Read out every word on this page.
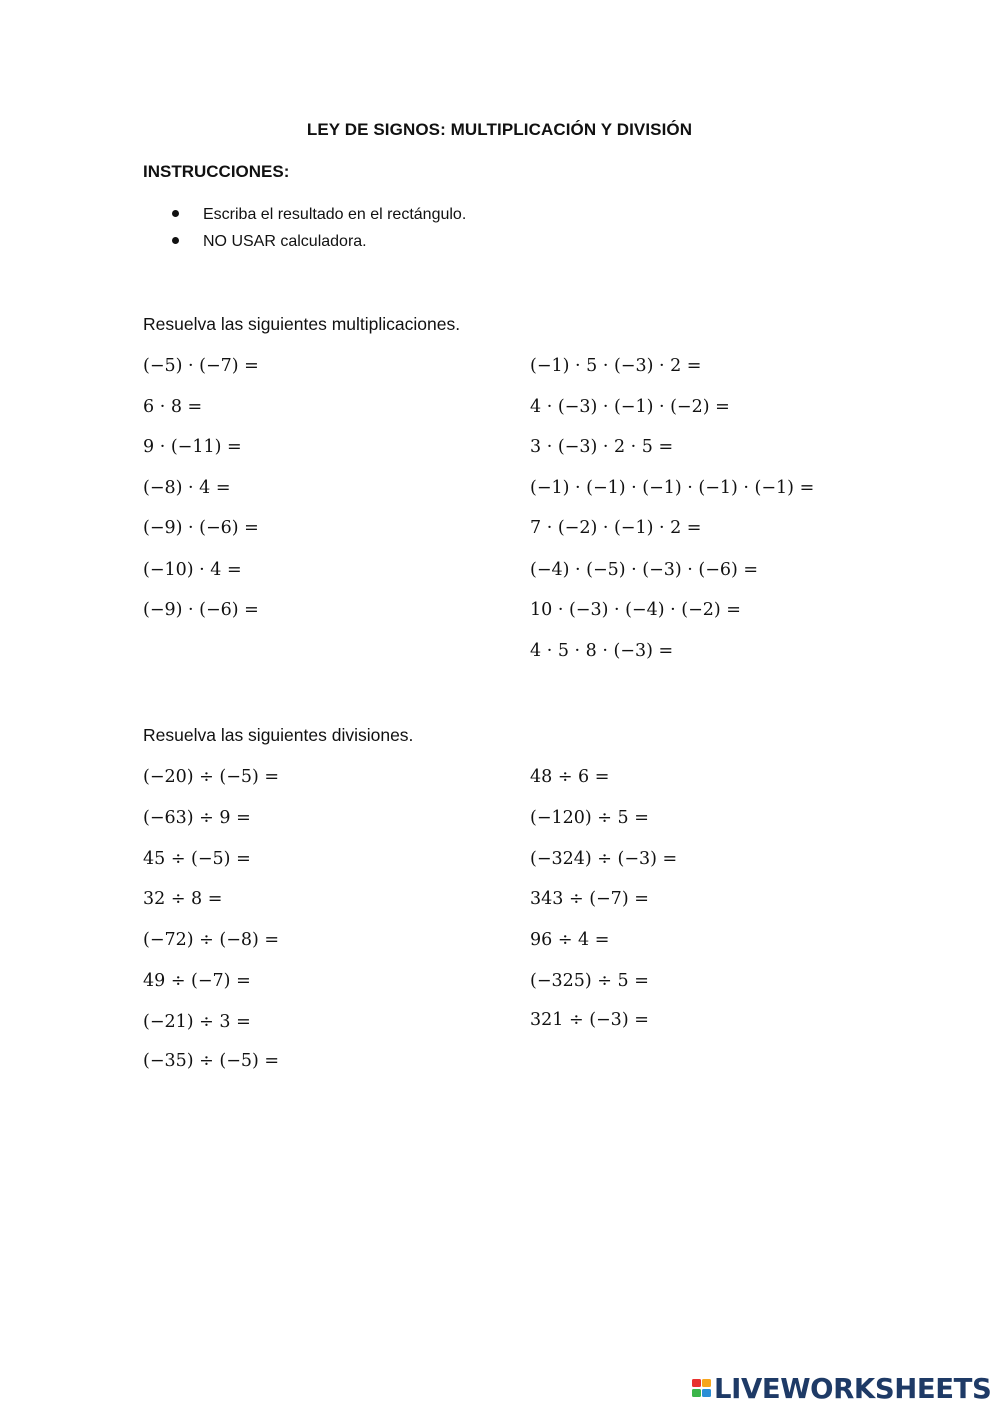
LEY DE SIGNOS: MULTIPLICACIÓN Y DIVISIÓN
INSTRUCCIONES:
Escriba el resultado en el rectángulo.
NO USAR calculadora.
Resuelva las siguientes multiplicaciones.
(−5) · (−7) =
6 · 8 =
9 · (−11) =
(−8) · 4 =
(−9) · (−6) =
(−10) · 4 =
(−9) · (−6) =
(−1) · 5 · (−3) · 2 =
4 · (−3) · (−1) · (−2) =
3 · (−3) · 2 · 5 =
(−1) · (−1) · (−1) · (−1) · (−1) =
7 · (−2) · (−1) · 2 =
(−4) · (−5) · (−3) · (−6) =
10 · (−3) · (−4) · (−2) =
4 · 5 · 8 · (−3) =
Resuelva las siguientes divisiones.
(−20) ÷ (−5) =
(−63) ÷ 9 =
45 ÷ (−5) =
32 ÷ 8 =
(−72) ÷ (−8) =
49 ÷ (−7) =
(−21) ÷ 3 =
(−35) ÷ (−5) =
48 ÷ 6 =
(−120) ÷ 5 =
(−324) ÷ (−3) =
343 ÷ (−7) =
96 ÷ 4 =
(−325) ÷ 5 =
321 ÷ (−3) =
LIVEWORKSHEETS
